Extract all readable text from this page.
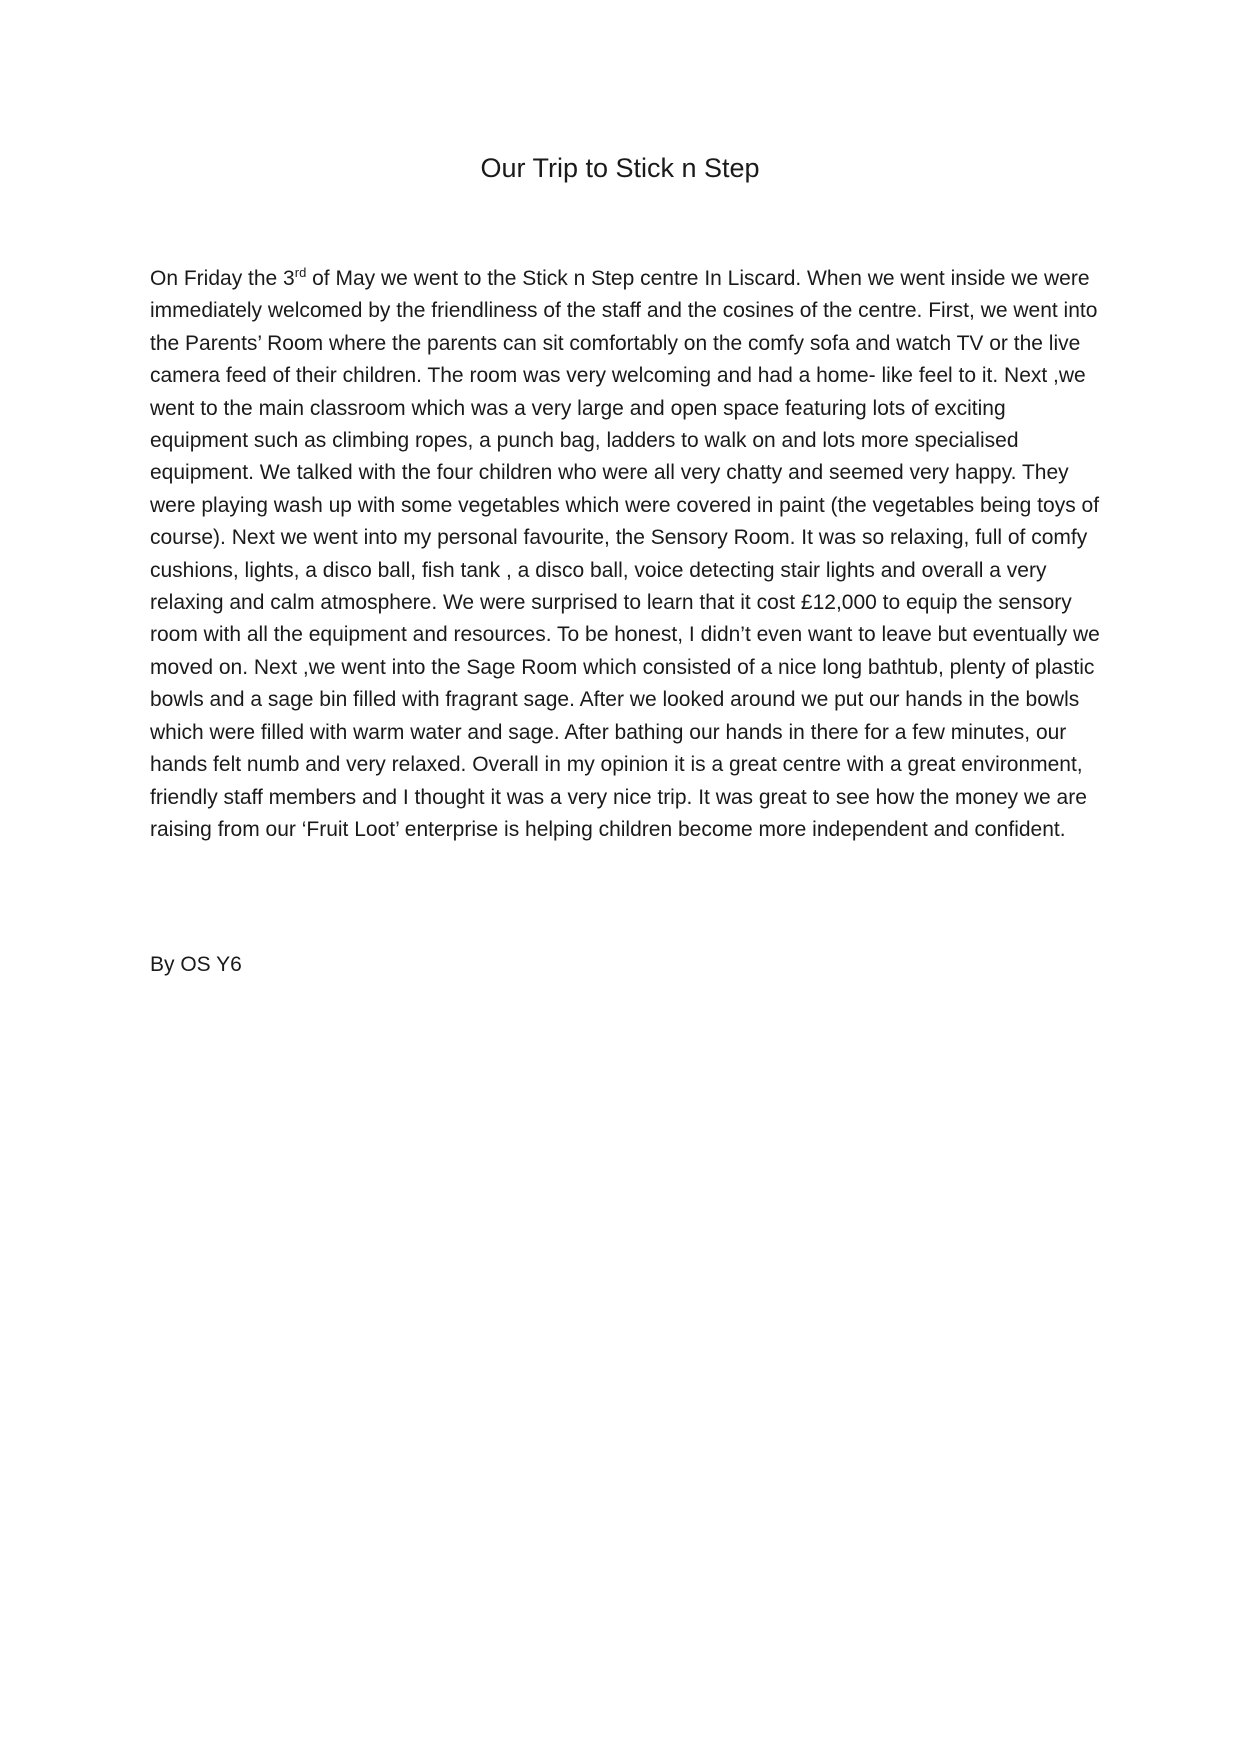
Our Trip to Stick n Step

On Friday the 3rd of May we went to the Stick n Step centre In Liscard. When we went inside we were immediately welcomed by the friendliness of the staff and the cosines of the centre. First, we went into the Parents’ Room where the parents can sit comfortably on the comfy sofa and watch TV or the live camera feed of their children. The room was very welcoming and had a home- like feel to it. Next ,we went to the main classroom which was a very large and open space featuring lots of exciting equipment such as climbing ropes, a punch bag, ladders to walk on and lots more specialised equipment. We talked with the four children who were all very chatty and seemed very happy. They were playing wash up with some vegetables which were covered in paint (the vegetables being toys of course). Next we went into my personal favourite, the Sensory Room. It was so relaxing, full of comfy cushions, lights, a disco ball, fish tank , a disco ball, voice detecting stair lights and overall a very relaxing and calm atmosphere. We were surprised to learn that it cost £12,000 to equip the sensory room with all the equipment and resources. To be honest, I didn’t even want to leave but eventually we moved on. Next ,we went into the Sage Room which consisted of a nice long bathtub, plenty of plastic bowls and a sage bin filled with fragrant sage. After we looked around we put our hands in the bowls which were filled with warm water and sage. After bathing our hands in there for a few minutes, our hands felt numb and very relaxed. Overall in my opinion it is a great centre with a great environment, friendly staff members and I thought it was a very nice trip. It was great to see how the money we are raising from our ‘Fruit Loot’ enterprise is helping children become more independent and confident.

By OS Y6
